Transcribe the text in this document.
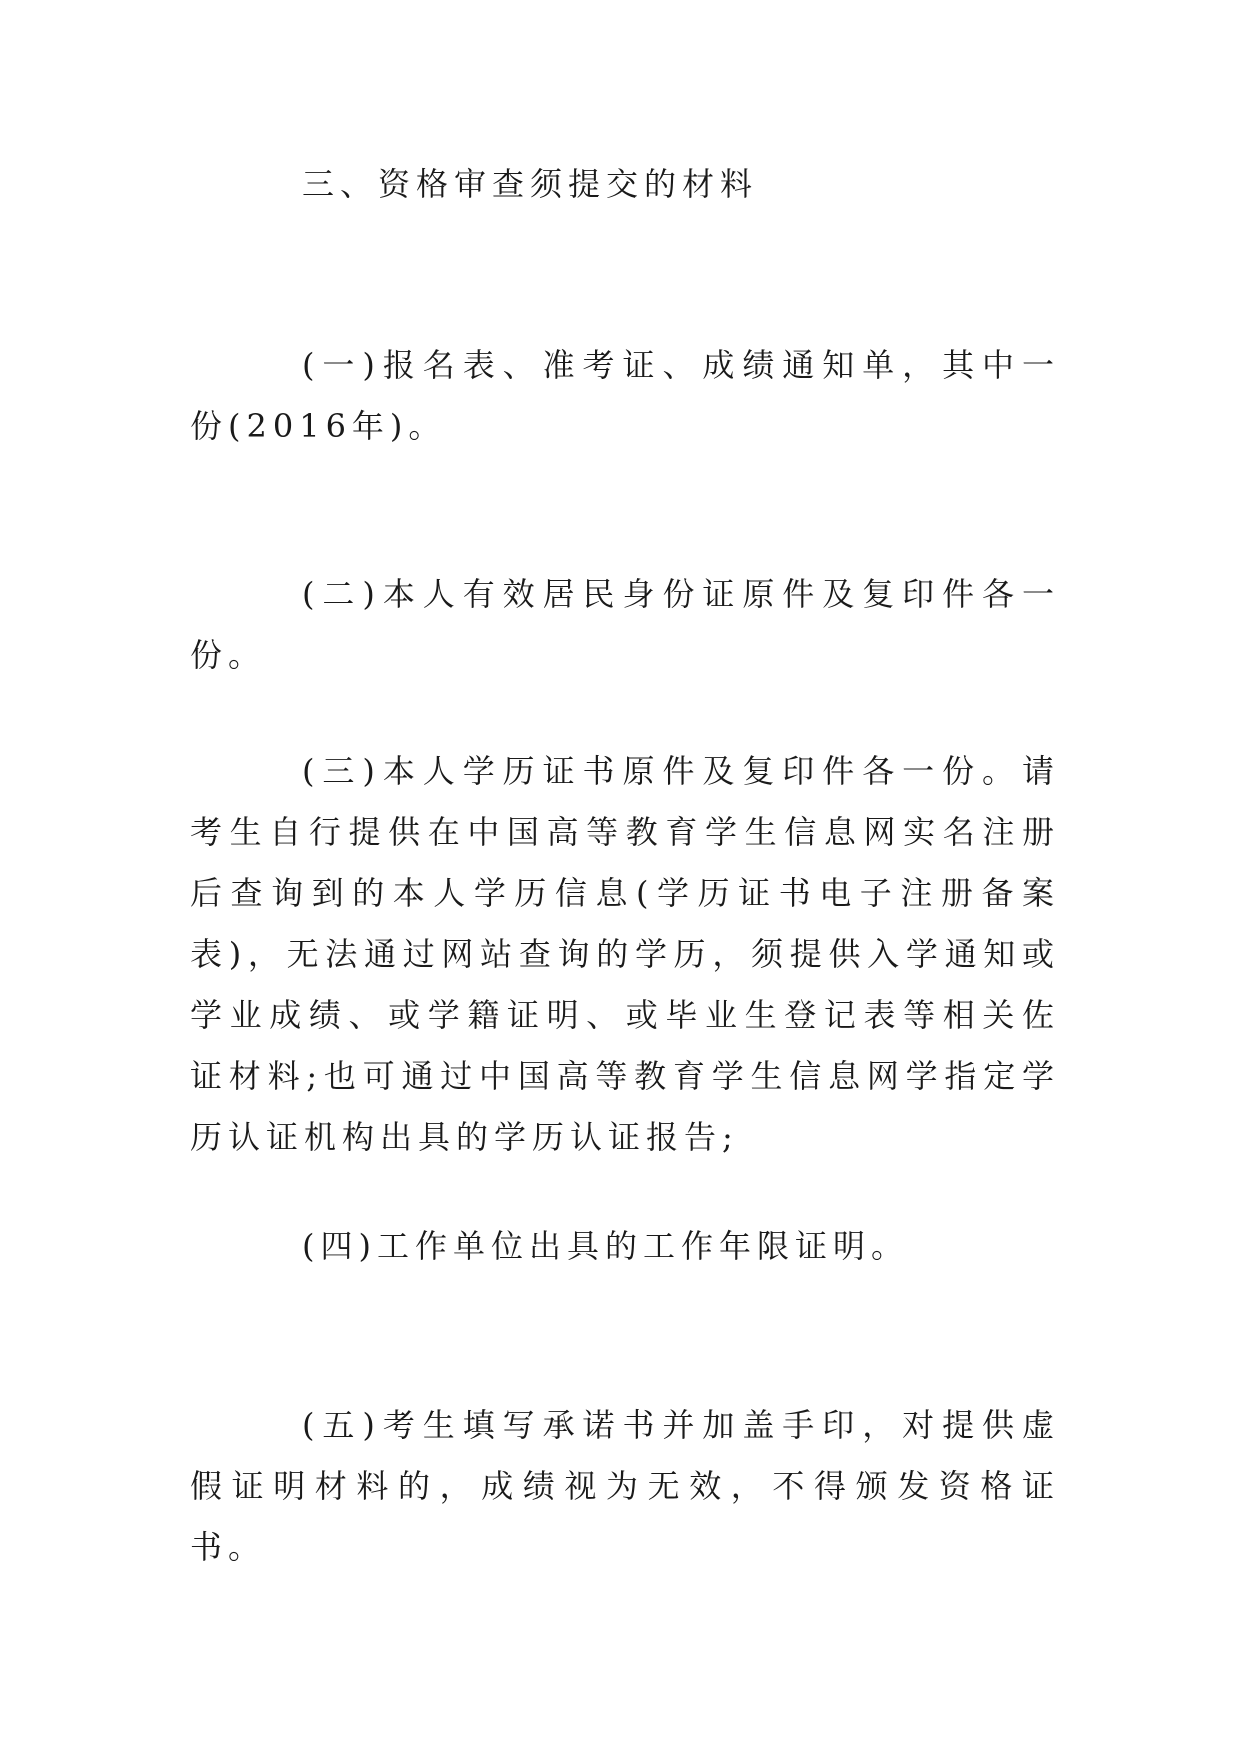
三、资格审查须提交的材料

(一)报名表、准考证、成绩通知单，其中一份(2016年)。

(二)本人有效居民身份证原件及复印件各一份。

(三)本人学历证书原件及复印件各一份。请考生自行提供在中国高等教育学生信息网实名注册后查询到的本人学历信息(学历证书电子注册备案表)，无法通过网站查询的学历，须提供入学通知或学业成绩、或学籍证明、或毕业生登记表等相关佐证材料;也可通过中国高等教育学生信息网学指定学历认证机构出具的学历认证报告;

(四)工作单位出具的工作年限证明。

(五)考生填写承诺书并加盖手印，对提供虚假证明材料的，成绩视为无效，不得颁发资格证书。
